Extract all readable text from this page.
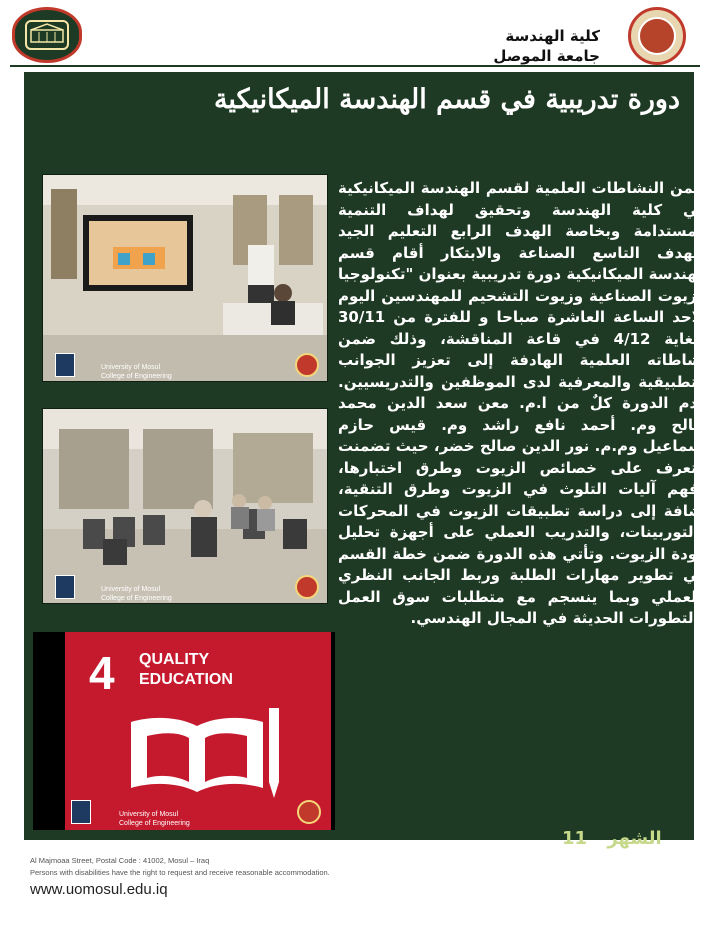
كلية الهندسة
جامعة الموصل
دورة تدريبية في قسم الهندسة الميكانيكية
University of Mosul
College of Engineering
University of Mosul
College of Engineering
4 QUALITY EDUCATION
University of Mosul
College of Engineering
ضمن النشاطات العلمية لقسم الهندسة الميكانيكية في كلية الهندسة وتحقيق لهداف التنمية المستدامة وبخاصة الهدف الرابع التعليم الجيد ولهدف التاسع الصناعة والابتكار أقام قسم الهندسة الميكانيكية دورة تدريبية بعنوان "تكنولوجيا الزيوت الصناعية وزيوت التشحيم للمهندسين اليوم الاحد الساعة العاشرة صباحا و للفترة من 30/11 ولغاية 4/12 في قاعة المناقشة، وذلك ضمن نشاطاته العلمية الهادفة إلى تعزيز الجوانب التطبيقية والمعرفية لدى الموظفين والتدريسيين. قدم الدورة كلٌ من ا.م. معن سعد الدين محمد صالح وم. أحمد نافع راشد وم. قيس حازم إسماعيل وم.م. نور الدين صالح خضر، حيث تضمنت التعرف على خصائص الزيوت وطرق اختبارها، وفهم آليات التلوث في الزيوت وطرق التنقية، إضافة إلى دراسة تطبيقات الزيوت في المحركات والتوربينات، والتدريب العملي على أجهزة تحليل جودة الزيوت. وتأتي هذه الدورة ضمن خطة القسم في تطوير مهارات الطلبة وربط الجانب النظري بالعملي وبما ينسجم مع متطلبات سوق العمل والتطورات الحديثة في المجال الهندسي.
الشهر 11
Al Majmoaa Street, Postal Code : 41002, Mosul – Iraq
Persons with disabilities have the right to request and receive reasonable accommodation.
www.uomosul.edu.iq
